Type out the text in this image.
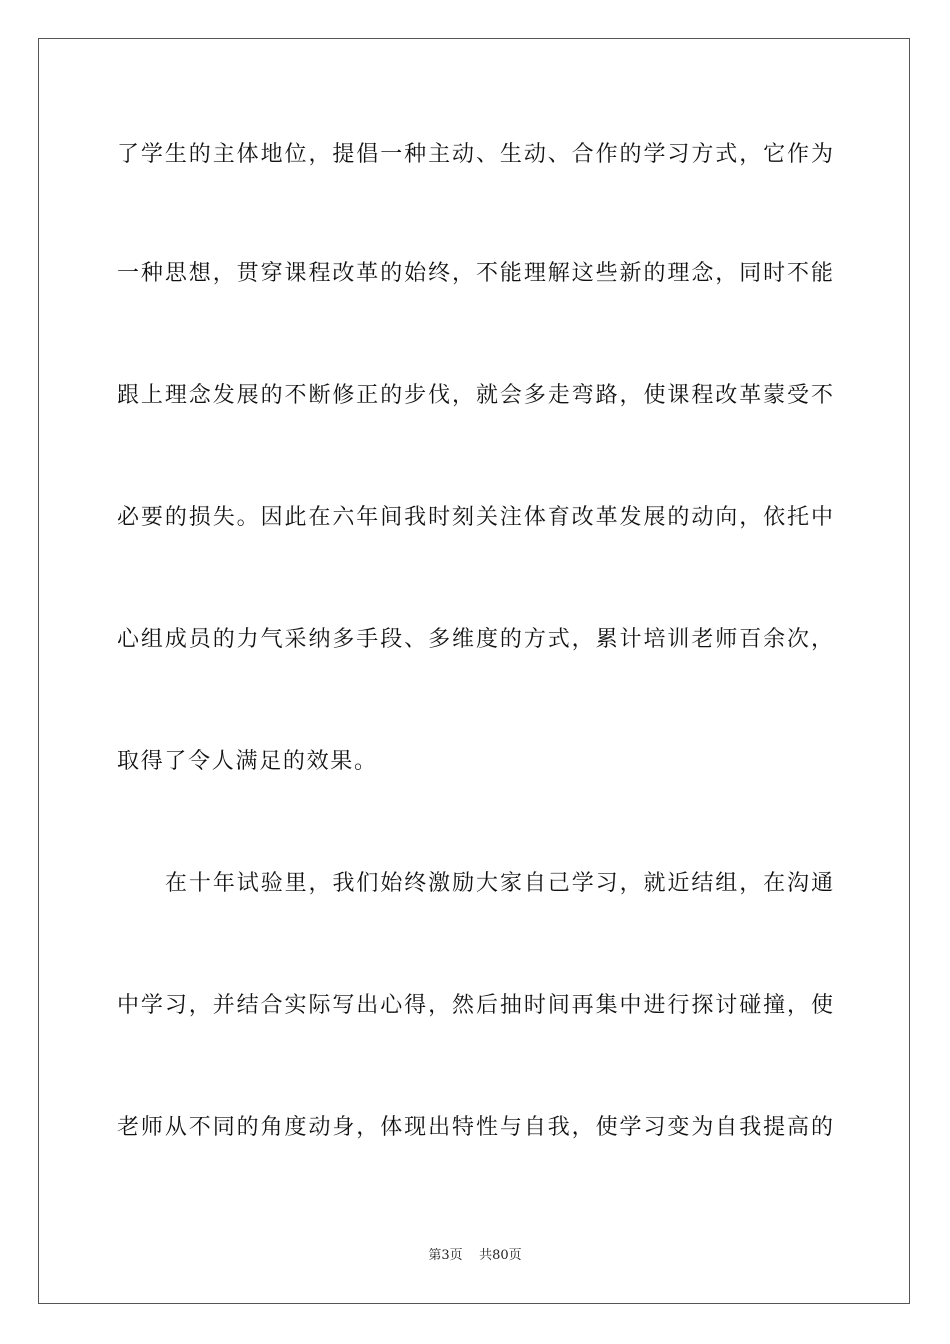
了学生的主体地位，提倡一种主动、生动、合作的学习方式，它作为
一种思想，贯穿课程改革的始终，不能理解这些新的理念，同时不能
跟上理念发展的不断修正的步伐，就会多走弯路，使课程改革蒙受不
必要的损失。因此在六年间我时刻关注体育改革发展的动向，依托中
心组成员的力气采纳多手段、多维度的方式，累计培训老师百余次，
取得了令人满足的效果。
在十年试验里，我们始终激励大家自己学习，就近结组，在沟通
中学习，并结合实际写出心得，然后抽时间再集中进行探讨碰撞，使
老师从不同的角度动身，体现出特性与自我，使学习变为自我提高的
第3页 共80页
